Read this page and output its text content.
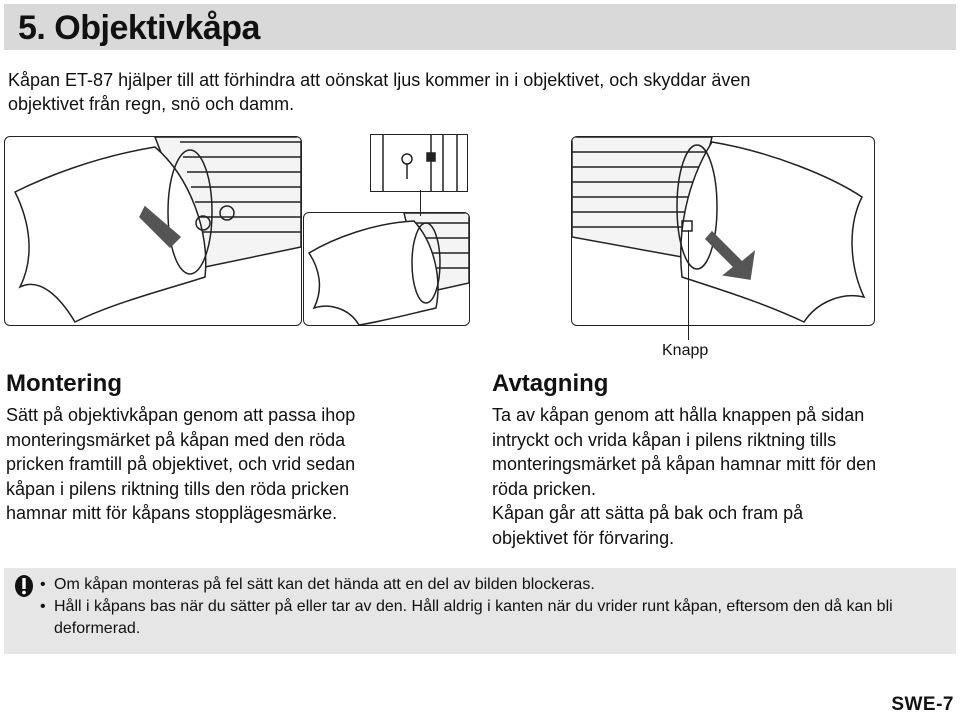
5. Objektivkåpa
Kåpan ET-87 hjälper till att förhindra att oönskat ljus kommer in i objektivet, och skyddar även
objektivet från regn, snö och damm.
Knapp
Montering
Sätt på objektivkåpan genom att passa ihop
monteringsmärket på kåpan med den röda
pricken framtill på objektivet, och vrid sedan
kåpan i pilens riktning tills den röda pricken
hamnar mitt för kåpans stopplägesmärke.
Avtagning
Ta av kåpan genom att hålla knappen på sidan
intryckt och vrida kåpan i pilens riktning tills
monteringsmärket på kåpan hamnar mitt för den
röda pricken.
Kåpan går att sätta på bak och fram på
objektivet för förvaring.
• Om kåpan monteras på fel sätt kan det hända att en del av bilden blockeras.
• Håll i kåpans bas när du sätter på eller tar av den. Håll aldrig i kanten när du vrider runt kåpan, eftersom den då kan bli deformerad.
SWE-7
